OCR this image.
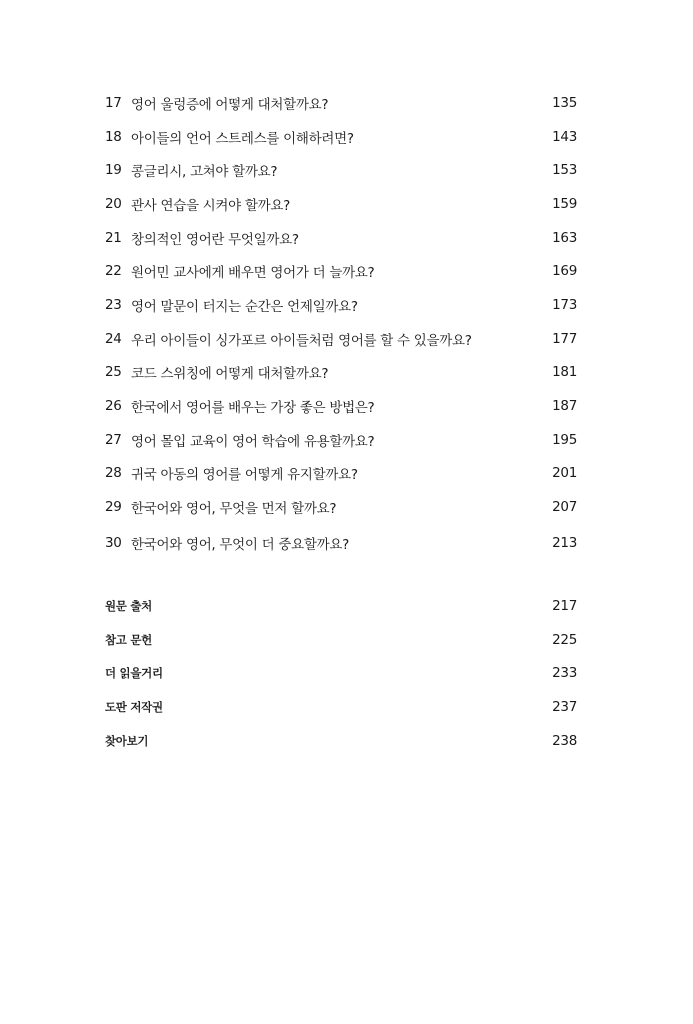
17 영어 울렁증에 어떻게 대처할까요?	135
18 아이들의 언어 스트레스를 이해하려면?	143
19 콩글리시, 고쳐야 할까요?	153
20 관사 연습을 시켜야 할까요?	159
21 창의적인 영어란 무엇일까요?	163
22 원어민 교사에게 배우면 영어가 더 늘까요?	169
23 영어 말문이 터지는 순간은 언제일까요?	173
24 우리 아이들이 싱가포르 아이들처럼 영어를 할 수 있을까요?	177
25 코드 스위칭에 어떻게 대처할까요?	181
26 한국에서 영어를 배우는 가장 좋은 방법은?	187
27 영어 몰입 교육이 영어 학습에 유용할까요?	195
28 귀국 아동의 영어를 어떻게 유지할까요?	201
29 한국어와 영어, 무엇을 먼저 할까요?	207
30 한국어와 영어, 무엇이 더 중요할까요?	213
원문 출처	217
참고 문헌	225
더 읽을거리	233
도판 저작권	237
찾아보기	238
